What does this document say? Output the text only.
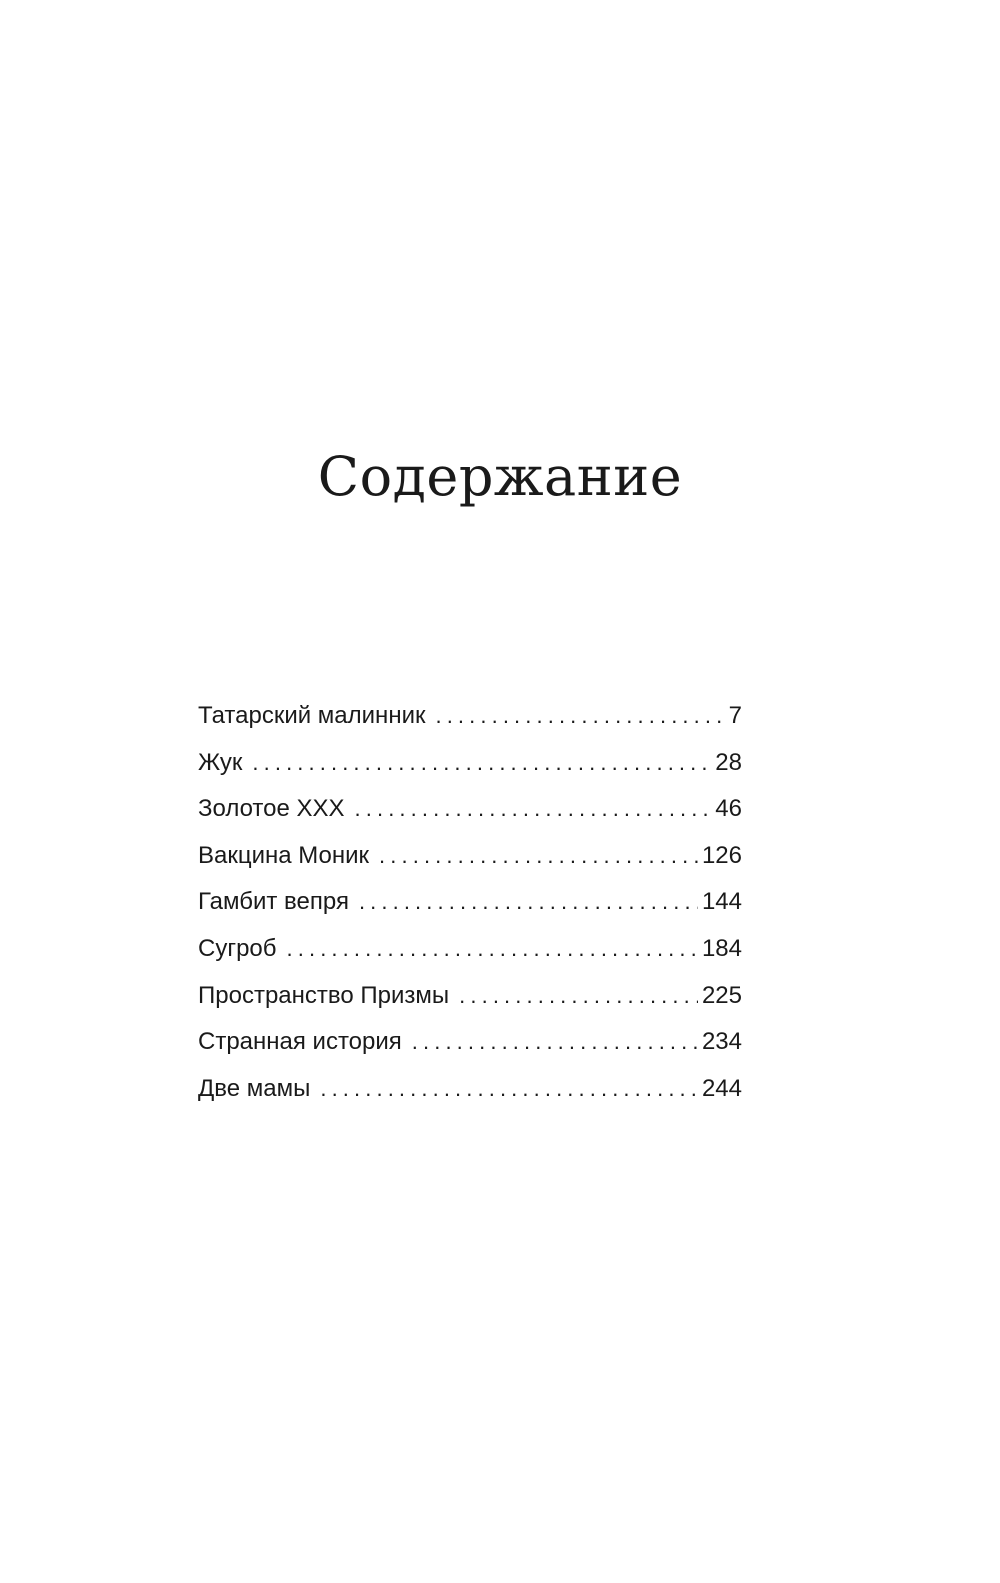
Содержание
Татарский малинник . . .	7
Жук . . .	28
Золотое XXX . . .	46
Вакцина Моник . . .	126
Гамбит вепря . . .	144
Сугроб . . .	184
Пространство Призмы . . .	225
Странная история . . .	234
Две мамы . . .	244
